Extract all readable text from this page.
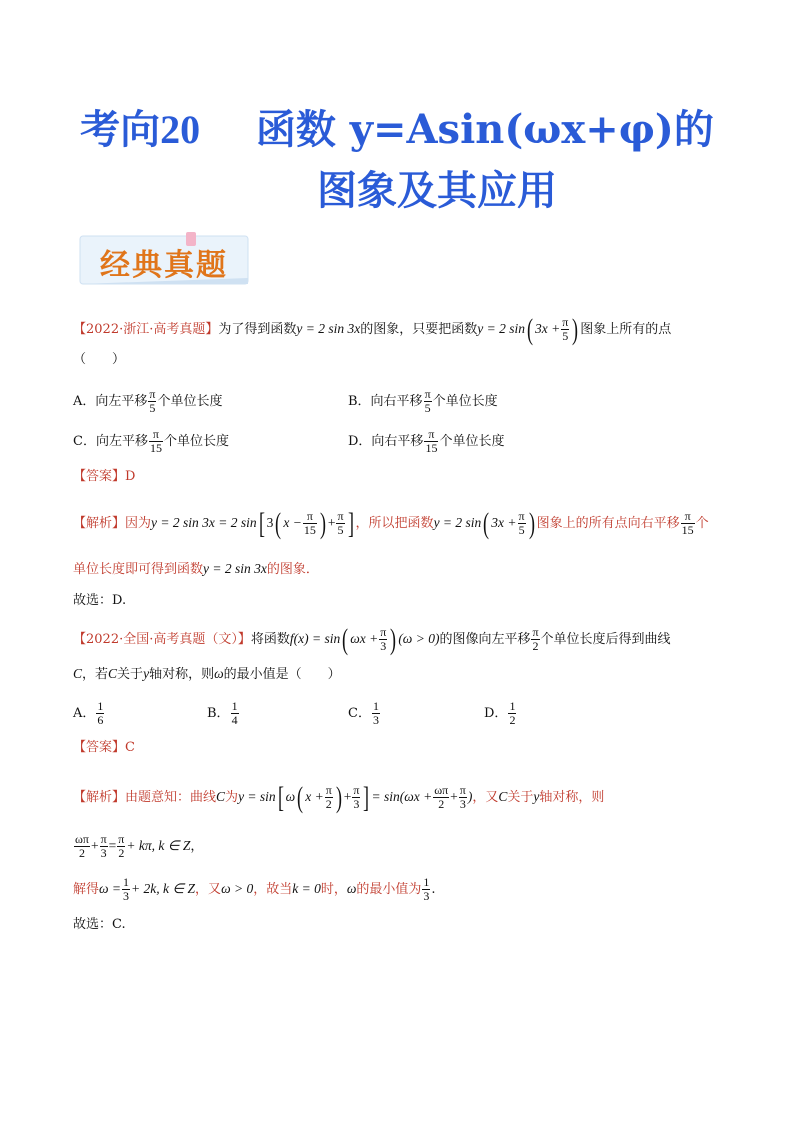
考向20 函数 y=Asin(ωx+φ)的
图象及其应用
经典真题
【2022·浙江·高考真题】为了得到函数y = 2 sin 3x的图象，只要把函数y = 2 sin( $3x + \frac{\pi}{5}$ ) 图象上所有的点
（　　）
A．向左平移 $\frac{\pi}{5}$ 个单位长度	B．向右平移 $\frac{\pi}{5}$ 个单位长度
C．向左平移 $\frac{\pi}{15}$ 个单位长度	D．向右平移 $\frac{\pi}{15}$ 个单位长度
【答案】D
【解析】因为y = 2 sin 3x = 2 sin[ 3( $x - \frac{\pi}{15}$ ) + $\frac{\pi}{5}$ ] ，所以把函数y = 2 sin( $3x + \frac{\pi}{5}$ ) 图象上的所有点向右平移 $\frac{\pi}{15}$ 个
单位长度即可得到函数y = 2 sin 3x的图象．
故选：D.
【2022·全国·高考真题（文）】将函数f(x) = sin( $\omega x + \frac{\pi}{3}$ ) (ω > 0)的图像向左平移 $\frac{\pi}{2}$ 个单位长度后得到曲线
C，若C关于y轴对称，则ω的最小值是（　　）
A． $\frac{1}{6}$	B． $\frac{1}{4}$	C． $\frac{1}{3}$	D． $\frac{1}{2}$
【答案】C
【解析】由题意知：曲线C为y = sin[ ω( $x + \frac{\pi}{2}$ ) + $\frac{\pi}{3}$ ] = $\sin(\omega x + \frac{\omega\pi}{2} + \frac{\pi}{3}$ )，又C关于y轴对称，则
$\frac{\omega\pi}{2} + \frac{\pi}{3} = \frac{\pi}{2} + k\pi$, k ∈ Z，
解得$\omega = \frac{1}{3} + 2k$, k ∈ Z，又ω > 0，故当k = 0时，ω的最小值为 $\frac{1}{3}$ .
故选：C.
